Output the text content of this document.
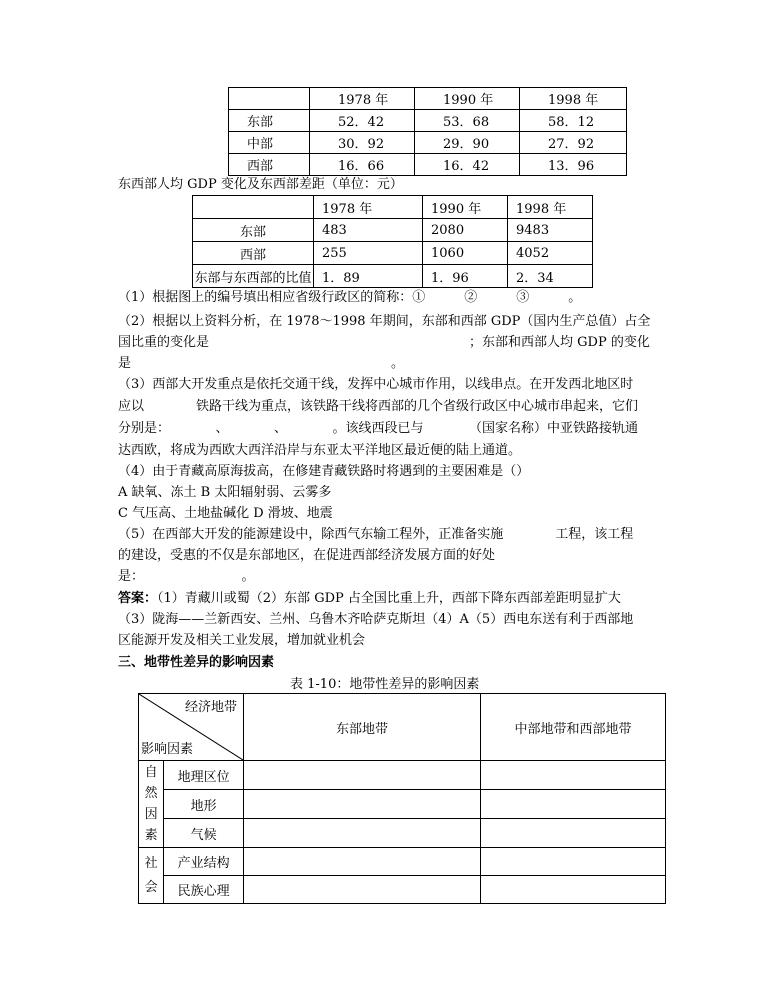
	1978 年	1990 年	1998 年
东部	52．42	53．68	58．12
中部	30．92	29．90	27．92
西部	16．66	16．42	13．96
东西部人均 GDP 变化及东西部差距（单位：元）
	1978 年	1990 年	1998 年
东部	483	2080	9483
西部	255	1060	4052
东部与东西部的比值	1．89	1．96	2．34
（1）根据图上的编号填出相应省级行政区的简称：①　　　②　　　③　　　。
（2）根据以上资料分析，在 1978～1998 年期间，东部和西部 GDP（国内生产总值）占全
国比重的变化是　　　　　　　　　　　　　　　　　　　　；东部和西部人均 GDP 的变化
是　　　　　　　　　　　　　　　　　　　　。
（3）西部大开发重点是依托交通干线，发挥中心城市作用，以线串点。在开发西北地区时
应以　　　　铁路干线为重点，该铁路干线将西部的几个省级行政区中心城市串起来，它们
分别是：　　　　、　　　　、　　　　。该线西段已与　　　　（国家名称）中亚铁路接轨通
达西欧，将成为西欧大西洋沿岸与东亚太平洋地区最近便的陆上通道。
（4）由于青藏高原海拔高，在修建青藏铁路时将遇到的主要困难是（）
A 缺氧、冻土 B 太阳辐射弱、云雾多
C 气压高、土地盐碱化 D 滑坡、地震
（5）在西部大开发的能源建设中，除西气东输工程外，正准备实施　　　　工程，该工程
的建设，受惠的不仅是东部地区，在促进西部经济发展方面的好处
是：　　　　　　　　。
答案：（1）青藏川或蜀（2）东部 GDP 占全国比重上升，西部下降东西部差距明显扩大
（3）陇海——兰新西安、兰州、乌鲁木齐哈萨克斯坦（4）A（5）西电东送有利于西部地
区能源开发及相关工业发展，增加就业机会
三、地带性差异的影响因素
表 1-10：地带性差异的影响因素
经济地带
影响因素		东部地带	中部地带和西部地带
自然因素	地理区位		
	地形		
	气候		
社会	产业结构		
	民族心理		
